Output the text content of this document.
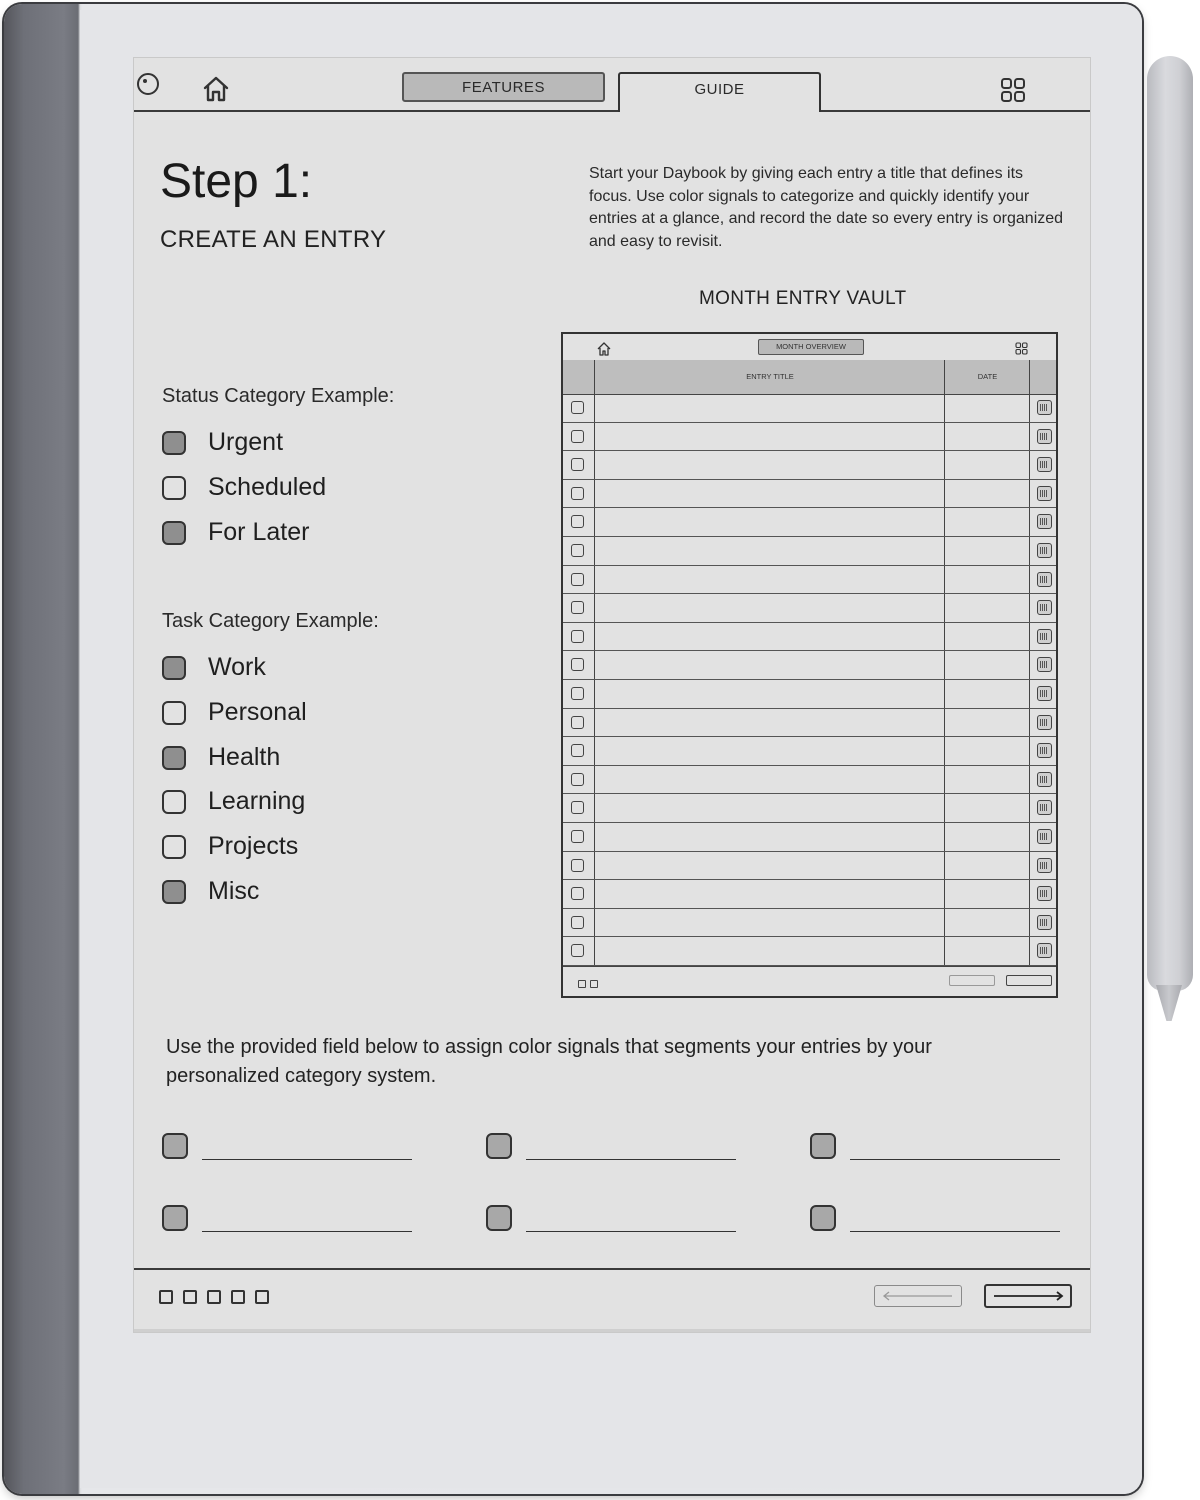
FEATURES	GUIDE
Step 1:
CREATE AN ENTRY
Start your Daybook by giving each entry a title that defines its focus. Use color signals to categorize and quickly identify your entries at a glance, and record the date so every entry is organized and easy to revisit.
Status Category Example:
Urgent
Scheduled
For Later
Task Category Example:
Work
Personal
Health
Learning
Projects
Misc
MONTH ENTRY VAULT
MONTH OVERVIEW
ENTRY TITLE	DATE
Use the provided field below to assign color signals that segments your entries by your personalized category system.
